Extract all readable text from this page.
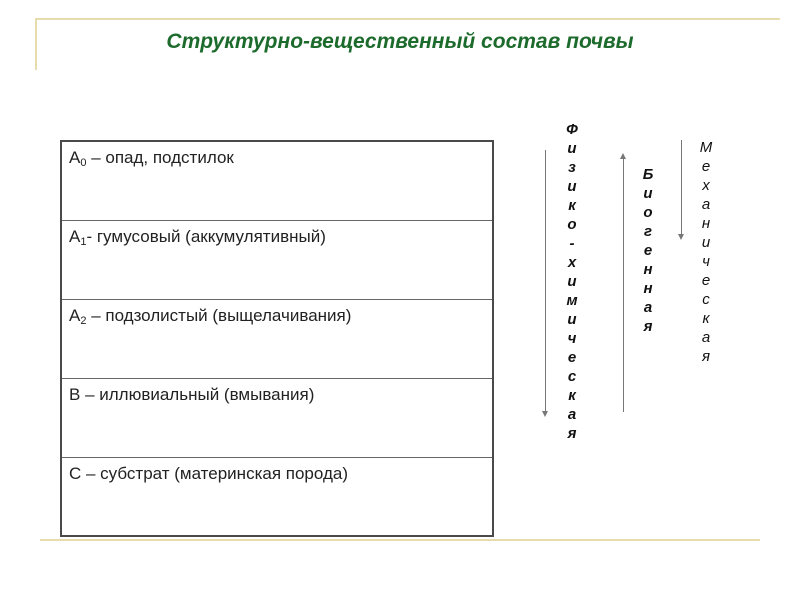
Структурно-вещественный состав почвы
$А_0$ – опад, подстилок
$А_1-$ гумусовый (аккумулятивный)
$А_2$ – подзолистый (выщелачивания)
В – иллювиальный (вмывания)
С – субстрат (материнская порода)
Ф
и
з
и
к
о
-
х
и
м
и
ч
е
с
к
а
я
Б
и
о
г
е
н
н
а
я
М
е
х
а
н
и
ч
е
с
к
а
я
